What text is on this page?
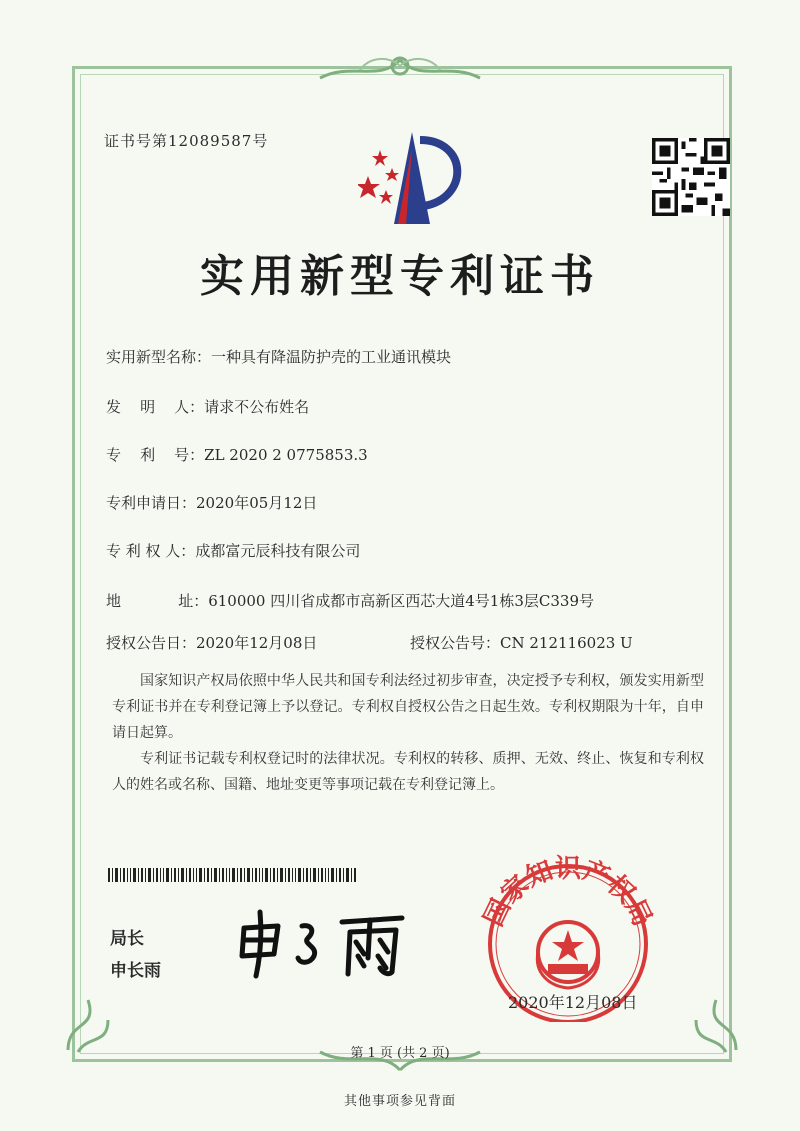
证书号第12089587号
实用新型专利证书
实用新型名称：一种具有降温防护壳的工业通讯模块
发    明    人：请求不公布姓名
专    利    号：ZL 2020 2 0775853.3
专利申请日：2020年05月12日
专 利 权 人：成都富元辰科技有限公司
地            址：610000 四川省成都市高新区西芯大道4号1栋3层C339号
授权公告日：2020年12月08日	授权公告号：CN 212116023 U

国家知识产权局依照中华人民共和国专利法经过初步审查，决定授予专利权，颁发实用新型专利证书并在专利登记簿上予以登记。专利权自授权公告之日起生效。专利权期限为十年，自申请日起算。

专利证书记载专利权登记时的法律状况。专利权的转移、质押、无效、终止、恢复和专利权人的姓名或名称、国籍、地址变更等事项记载在专利登记簿上。

局长
申长雨
国家知识产权局
2020年12月08日
第 1 页 (共 2 页)
其他事项参见背面
